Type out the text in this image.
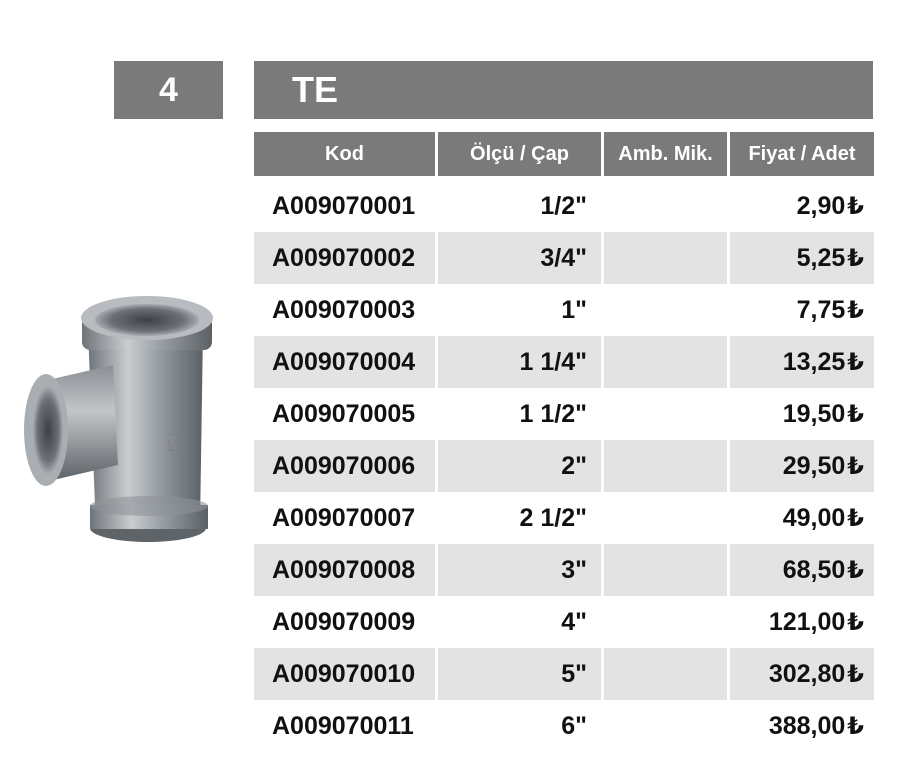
4	TE
TSP
Kod	Ölçü / Çap	Amb. Mik.	Fiyat / Adet

A009070001	1/2"		2,90₺
A009070002	3/4"		5,25₺
A009070003	1"		7,75₺
A009070004	1 1/4"		13,25₺
A009070005	1 1/2"		19,50₺
A009070006	2"		29,50₺
A009070007	2 1/2"		49,00₺
A009070008	3"		68,50₺
A009070009	4"		121,00₺
A009070010	5"		302,80₺
A009070011	6"		388,00₺
